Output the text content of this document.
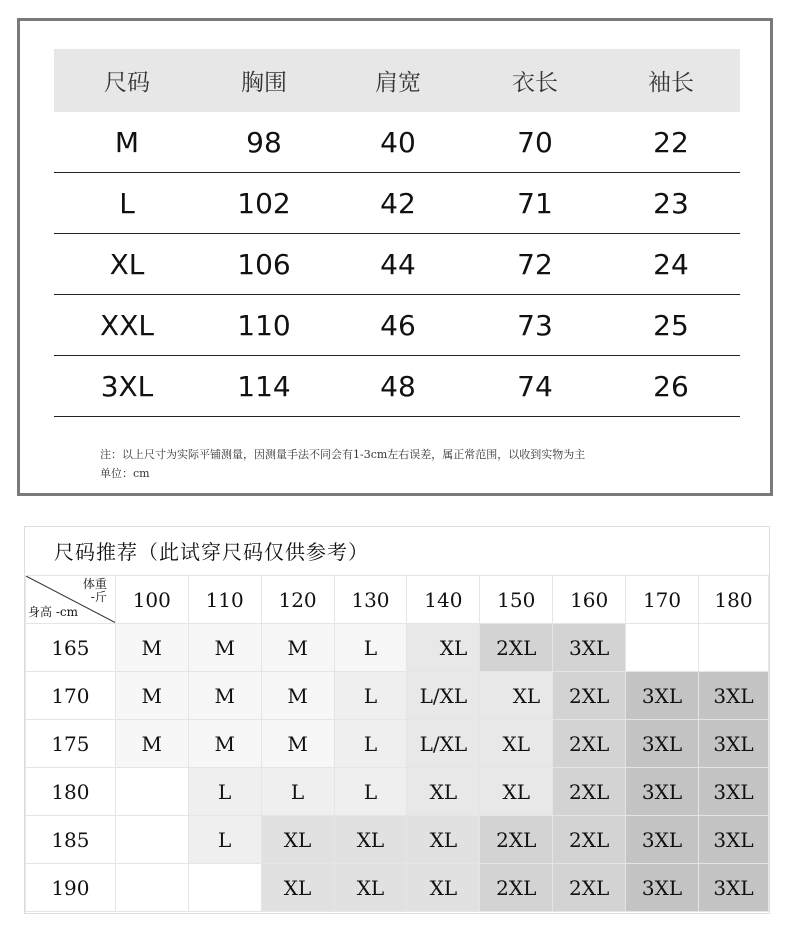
尺码	胸围	肩宽	衣长	袖长
M	98	40	70	22
L	102	42	71	23
XL	106	44	72	24
XXL	110	46	73	25
3XL	114	48	74	26
注：以上尺寸为实际平铺测量，因测量手法不同会有1-3cm左右误差，属正常范围，以收到实物为主
单位：cm
尺码推荐（此试穿尺码仅供参考）
体重
-斤
身高 -cm	100	110	120	130	140	150	160	170	180
165	M	M	M	L	XL	2XL	3XL		
170	M	M	M	L	L/XL	XL	2XL	3XL	3XL
175	M	M	M	L	L/XL	XL	2XL	3XL	3XL
180		L	L	L	XL	XL	2XL	3XL	3XL
185		L	XL	XL	XL	2XL	2XL	3XL	3XL
190			XL	XL	XL	2XL	2XL	3XL	3XL
